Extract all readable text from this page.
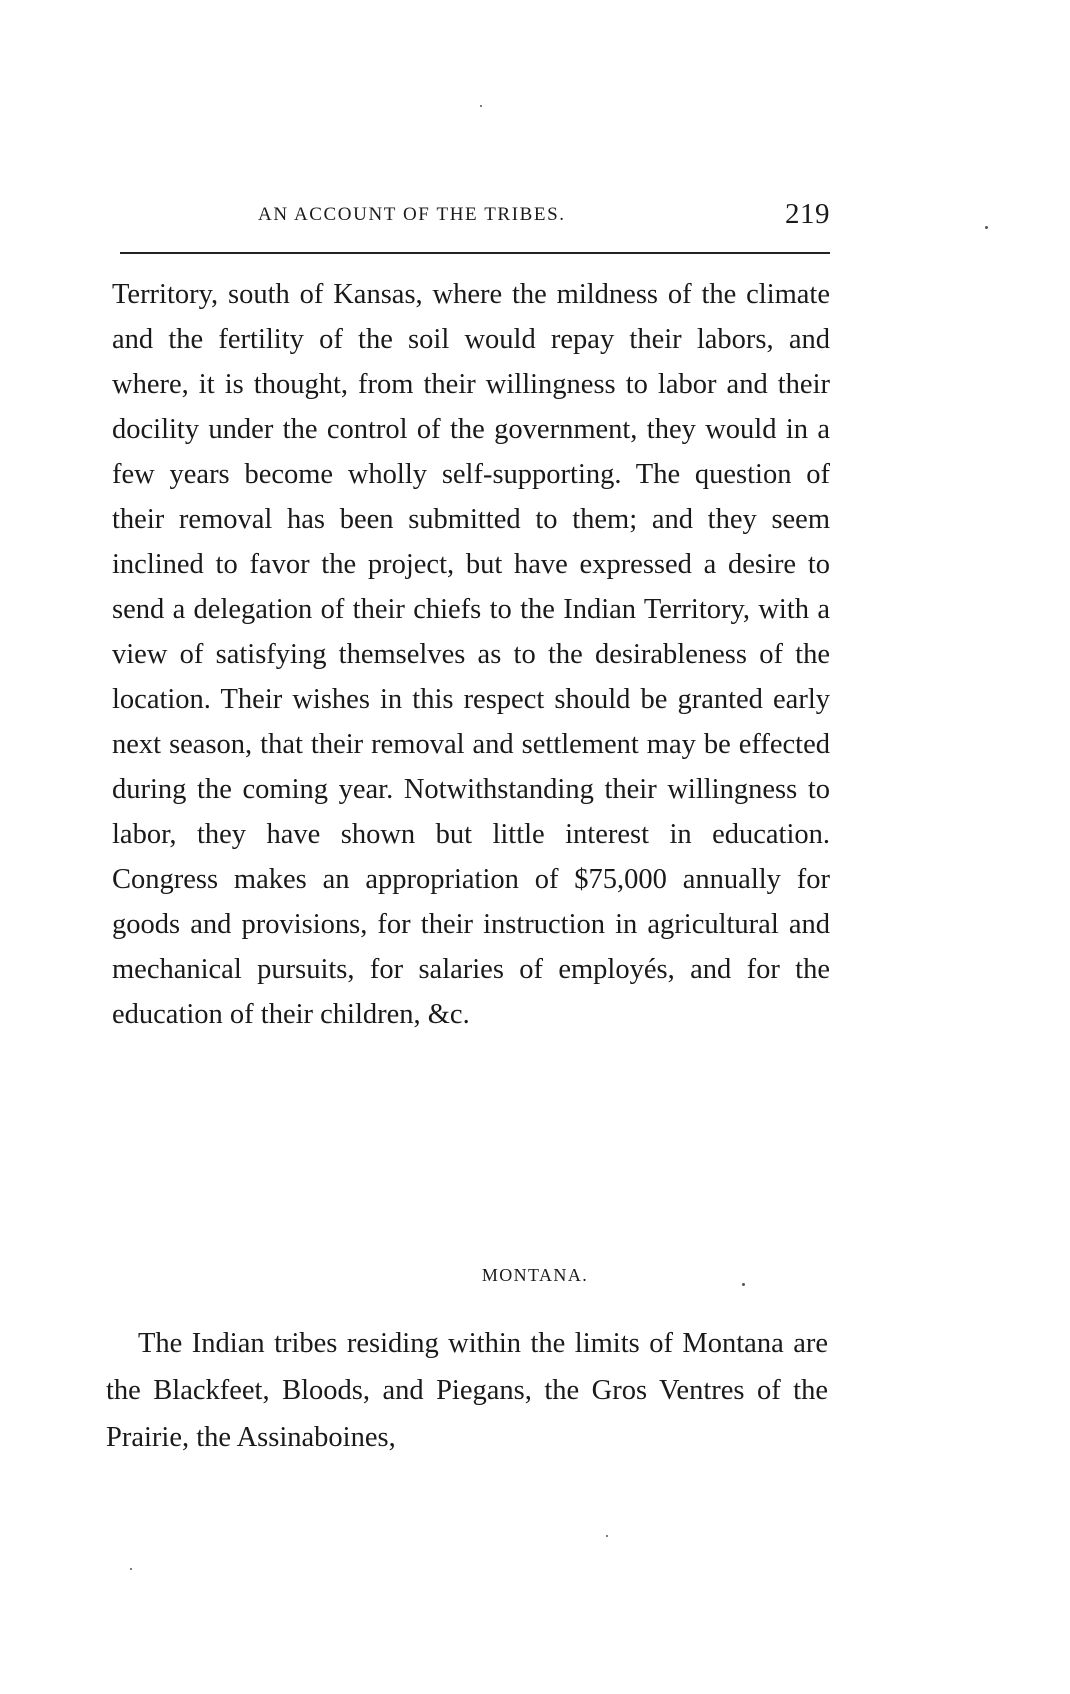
AN ACCOUNT OF THE TRIBES.	219

Territory, south of Kansas, where the mildness of the climate and the fertility of the soil would repay their labors, and where, it is thought, from their willingness to labor and their docility under the control of the government, they would in a few years become wholly self-supporting. The question of their removal has been submitted to them; and they seem inclined to favor the project, but have expressed a desire to send a delegation of their chiefs to the Indian Territory, with a view of satisfying themselves as to the desirableness of the location. Their wishes in this respect should be granted early next season, that their removal and settlement may be effected during the coming year. Notwithstanding their willingness to labor, they have shown but little interest in education. Congress makes an appropriation of $75,000 annually for goods and provisions, for their instruction in agricultural and mechanical pursuits, for salaries of employés, and for the education of their children, &c.

MONTANA.

The Indian tribes residing within the limits of Montana are the Blackfeet, Bloods, and Piegans, the Gros Ventres of the Prairie, the Assinaboines,
